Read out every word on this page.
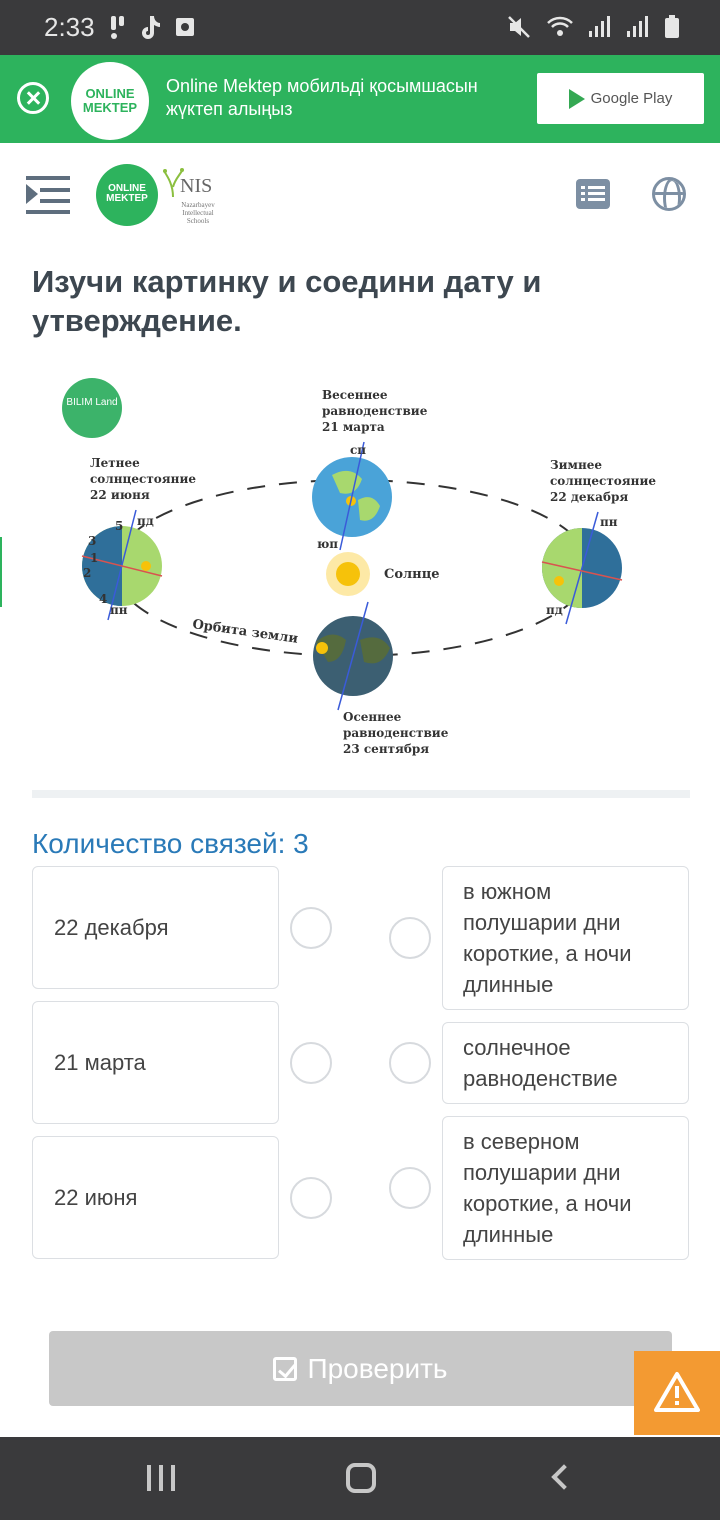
2:33
ONLINE MEKTEP
Online Mektep мобильді қосымшасын жүктеп алыңыз
Google Play
ONLINE MEKTEP
NIS
Nazarbayev Intellectual Schools
Изучи картинку и соедини дату и утверждение.
BILIM Land
Орбита земли
Солнце
сп
юп
Весеннее равноденствие 21 марта
3 1 2 4 5 пд
пн
Летнее солнцестояние 22 июня
пн
пд
Зимнее солнцестояние 22 декабря
Осеннее равноденствие 23 сентября
Количество связей: 3
22 декабря
21 марта
22 июня
в южном полушарии дни короткие, а ночи длинные
солнечное равноденствие
в северном полушарии дни короткие, а ночи длинные
Проверить
